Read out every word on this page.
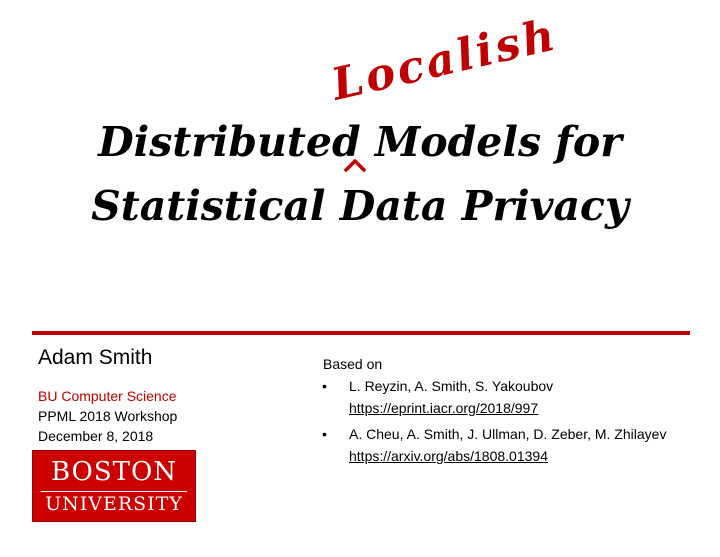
Localish
Distributed Models for
Statistical Data Privacy
Adam Smith
BU Computer Science
PPML 2018 Workshop
December 8, 2018
BOSTON
UNIVERSITY
Based on
• L. Reyzin, A. Smith, S. Yakoubov
https://eprint.iacr.org/2018/997
• A. Cheu, A. Smith, J. Ullman, D. Zeber, M. Zhilayev
https://arxiv.org/abs/1808.01394
